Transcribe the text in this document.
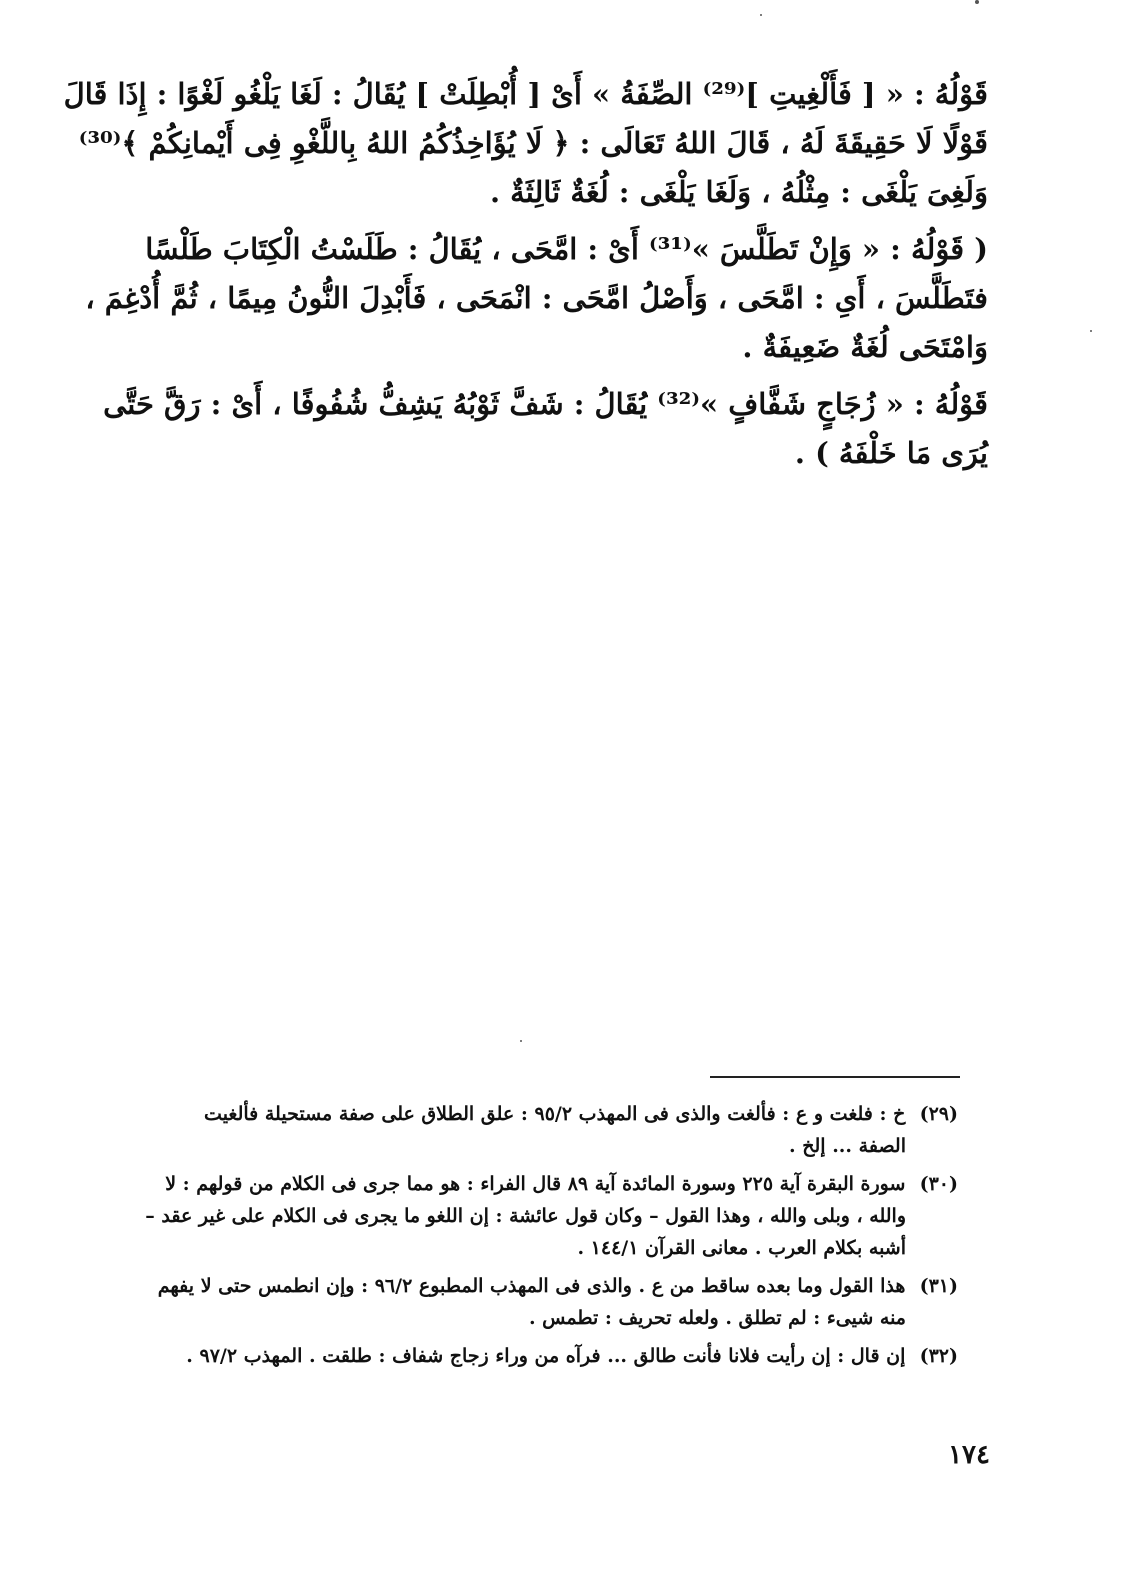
قَوْلُهُ : « [ فَأَلْغِيتِ ]⁽²⁹⁾ الصِّفَةُ » أَىْ [ أُبْطِلَتْ ] يُقَالُ : لَغَا يَلْغُو لَغْوًا : إِذَا قَالَ
قَوْلًا لَا حَقِيقَةَ لَهُ ، قَالَ اللهُ تَعَالَى : ﴿ لَا يُؤَاخِذُكُمُ اللهُ بِاللَّغْوِ فِى أَيْمانِكُمْ ﴾⁽³⁰⁾
وَلَغِىَ يَلْغَى : مِثْلُهُ ، وَلَغَا يَلْغَى : لُغَةٌ ثَالِثَةٌ .

( قَوْلُهُ : « وَإِنْ تَطَلَّسَ »⁽³¹⁾ أَىْ : امَّحَى ، يُقَالُ : طَلَسْتُ الْكِتَابَ طَلْسًا
فتَطَلَّسَ ، أَىِ : امَّحَى ، وَأَصْلُ امَّحَى : انْمَحَى ، فَأَبْدِلَ النُّونُ مِيمًا ، ثُمَّ أُدْغِمَ ،
وَامْتَحَى لُغَةٌ ضَعِيفَةٌ .

قَوْلُهُ : « زُجَاجٍ شَفَّافٍ »⁽³²⁾ يُقَالُ : شَفَّ ثَوْبُهُ يَشِفُّ شُفُوفًا ، أَىْ : رَقَّ حَتَّى
يُرَى مَا خَلْفَهُ ) .

(٢٩) خ : فلغت و ع : فألغت والذى فى المهذب ٩٥/٢ : علق الطلاق على صفة مستحيلة فألغيت
الصفة ... إلخ .
(٣٠) سورة البقرة آية ٢٢٥ وسورة المائدة آية ٨٩ قال الفراء : هو مما جرى فى الكلام من قولهم : لا
والله ، وبلى والله ، وهذا القول – وكان قول عائشة : إن اللغو ما يجرى فى الكلام على غير عقد –
أشبه بكلام العرب . معانى القرآن ١٤٤/١ .
(٣١) هذا القول وما بعده ساقط من ع . والذى فى المهذب المطبوع ٩٦/٢ : وإن انطمس حتى لا يفهم
منه شيىء : لم تطلق . ولعله تحريف : تطمس .
(٣٢) إن قال : إن رأيت فلانا فأنت طالق ... فرآه من وراء زجاج شفاف : طلقت . المهذب ٩٧/٢ .
١٧٤
